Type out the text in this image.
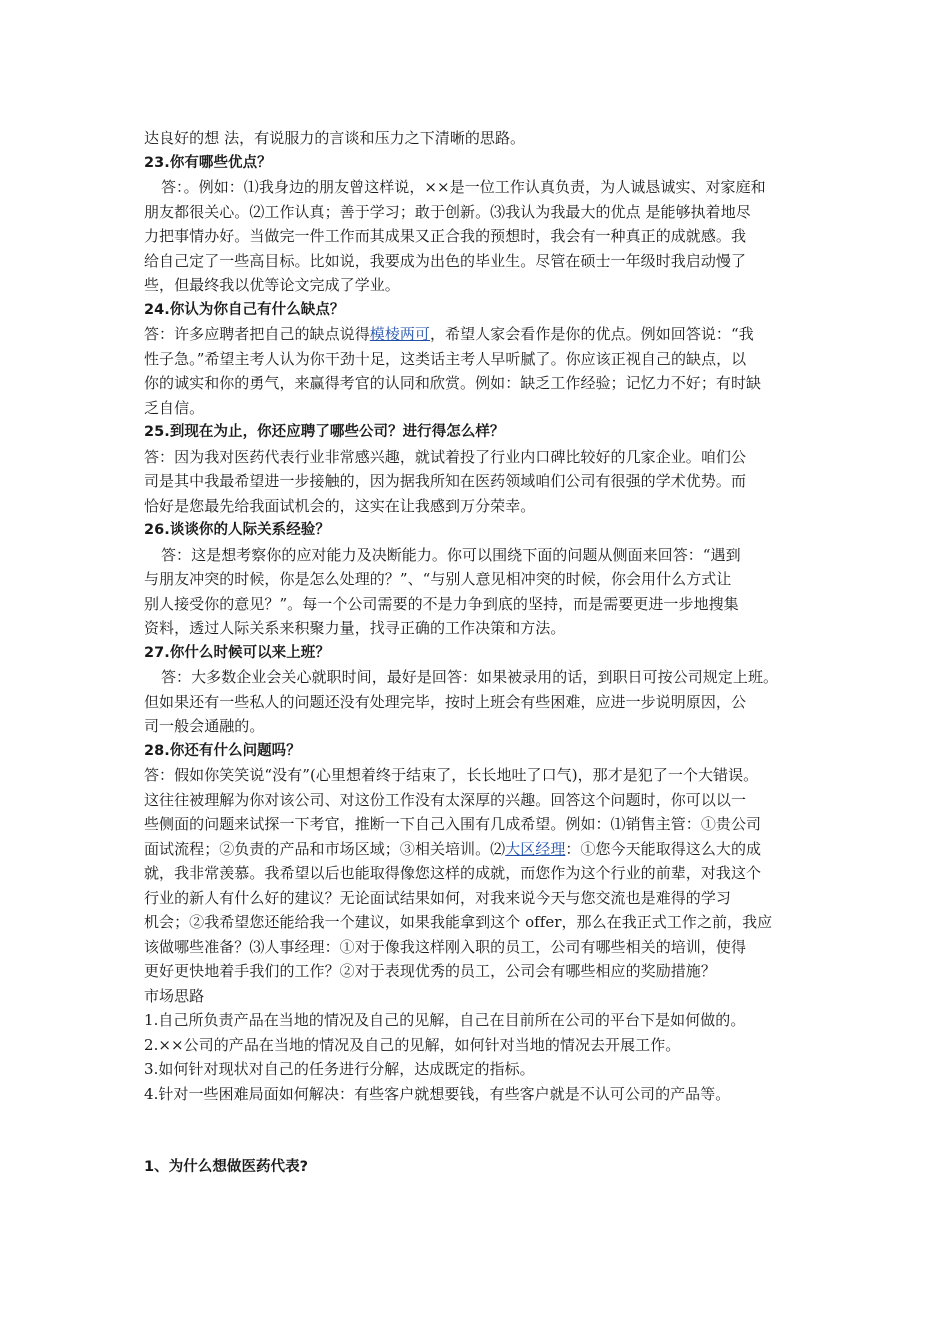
达良好的想 法，有说服力的言谈和压力之下清晰的思路。
23.你有哪些优点？
答：。例如：⑴我身边的朋友曾这样说，××是一位工作认真负责，为人诚恳诚实、对家庭和
朋友都很关心。⑵工作认真；善于学习；敢于创新。⑶我认为我最大的优点 是能够执着地尽
力把事情办好。当做完一件工作而其成果又正合我的预想时，我会有一种真正的成就感。我
给自己定了一些高目标。比如说，我要成为出色的毕业生。尽管在硕士一年级时我启动慢了
些，但最终我以优等论文完成了学业。
24.你认为你自己有什么缺点？
答：许多应聘者把自己的缺点说得模棱两可，希望人家会看作是你的优点。例如回答说：“我
性子急。”希望主考人认为你干劲十足，这类话主考人早听腻了。你应该正视自己的缺点，以
你的诚实和你的勇气，来赢得考官的认同和欣赏。例如：缺乏工作经验；记忆力不好；有时缺
乏自信。
25.到现在为止，你还应聘了哪些公司？进行得怎么样？
答：因为我对医药代表行业非常感兴趣，就试着投了行业内口碑比较好的几家企业。咱们公
司是其中我最希望进一步接触的，因为据我所知在医药领域咱们公司有很强的学术优势。而
恰好是您最先给我面试机会的，这实在让我感到万分荣幸。
26.谈谈你的人际关系经验？
答：这是想考察你的应对能力及决断能力。你可以围绕下面的问题从侧面来回答：“遇到
与朋友冲突的时候，你是怎么处理的？”、“与别人意见相冲突的时候，你会用什么方式让
别人接受你的意见？”。每一个公司需要的不是力争到底的坚持，而是需要更进一步地搜集
资料，透过人际关系来积聚力量，找寻正确的工作决策和方法。
27.你什么时候可以来上班？
答：大多数企业会关心就职时间，最好是回答：如果被录用的话，到职日可按公司规定上班。
但如果还有一些私人的问题还没有处理完毕，按时上班会有些困难，应进一步说明原因，公
司一般会通融的。
28.你还有什么问题吗？
答：假如你笑笑说“没有”(心里想着终于结束了，长长地吐了口气)，那才是犯了一个大错误。
这往往被理解为你对该公司、对这份工作没有太深厚的兴趣。回答这个问题时，你可以以一
些侧面的问题来试探一下考官，推断一下自己入围有几成希望。例如：⑴销售主管：①贵公司
面试流程；②负责的产品和市场区域；③相关培训。⑵大区经理：①您今天能取得这么大的成
就，我非常羡慕。我希望以后也能取得像您这样的成就，而您作为这个行业的前辈，对我这个
行业的新人有什么好的建议？无论面试结果如何，对我来说今天与您交流也是难得的学习
机会；②我希望您还能给我一个建议，如果我能拿到这个 offer，那么在我正式工作之前，我应
该做哪些准备？⑶人事经理：①对于像我这样刚入职的员工，公司有哪些相关的培训，使得
更好更快地着手我们的工作？②对于表现优秀的员工，公司会有哪些相应的奖励措施？
市场思路
1.自己所负责产品在当地的情况及自己的见解，自己在目前所在公司的平台下是如何做的。
2.××公司的产品在当地的情况及自己的见解，如何针对当地的情况去开展工作。
3.如何针对现状对自己的任务进行分解，达成既定的指标。
4.针对一些困难局面如何解决：有些客户就想要钱，有些客户就是不认可公司的产品等。
1、为什么想做医药代表?
